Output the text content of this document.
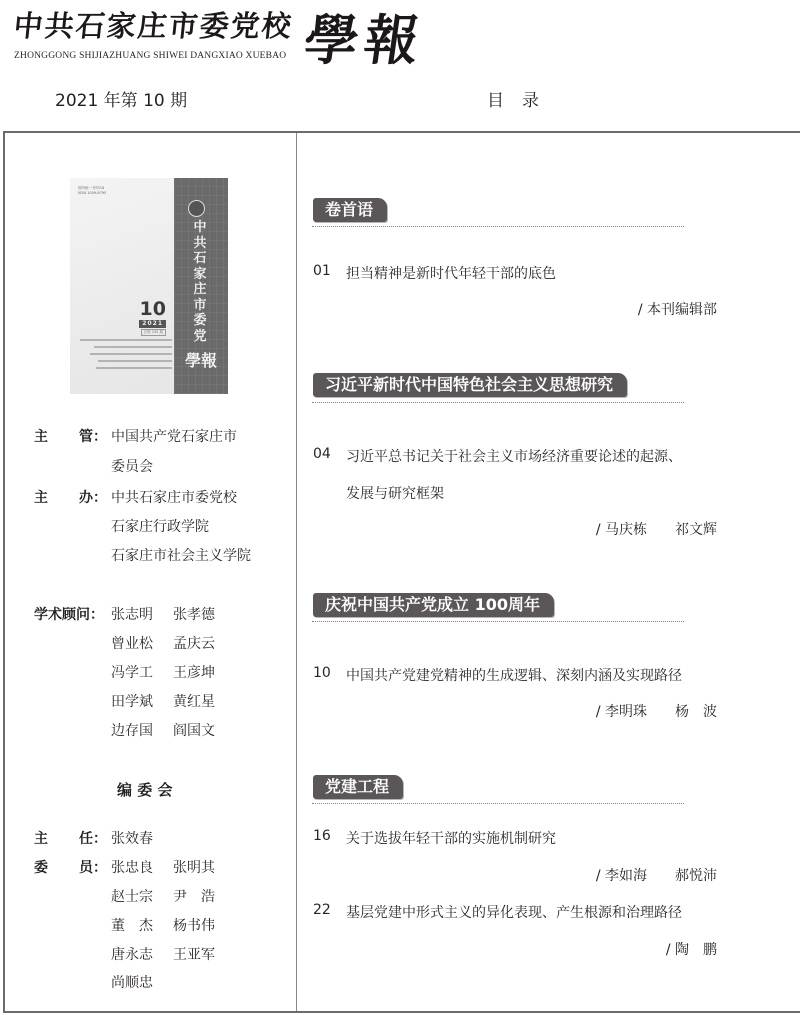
中共石家庄市委党校
ZHONGGONG SHIJIAZHUANG SHIWEI DANGXIAO XUEBAO 學報
2021 年第 10 期	目录
国内统一刊号CN
ISSN 1009-6795
10
2021
总第 245 期
中
共
石
家
庄
市
委
党
學報
主 管： 中国共产党石家庄市
委员会
主 办： 中共石家庄市委党校
石家庄行政学院
石家庄市社会主义学院
学术顾问： 张志明 张孝德
曾业松 孟庆云
冯学工 王彦坤
田学斌 黄红星
边存国 阎国文
编 委 会
主 任： 张效春
委 员： 张忠良 张明其
赵士宗 尹　浩
董　杰 杨书伟
唐永志 王亚军
尚顺忠
卷首语
01 担当精神是新时代年轻干部的底色
/ 本刊编辑部
习近平新时代中国特色社会主义思想研究
04 习近平总书记关于社会主义市场经济重要论述的起源、
发展与研究框架
/ 马庆栋　　祁文辉
庆祝中国共产党成立 100周年
10 中国共产党建党精神的生成逻辑、深刻内涵及实现路径
/ 李明珠　　杨　波
党建工程
16 关于选拔年轻干部的实施机制研究
/ 李如海　　郝悦沛
22 基层党建中形式主义的异化表现、产生根源和治理路径
/ 陶　鹏
